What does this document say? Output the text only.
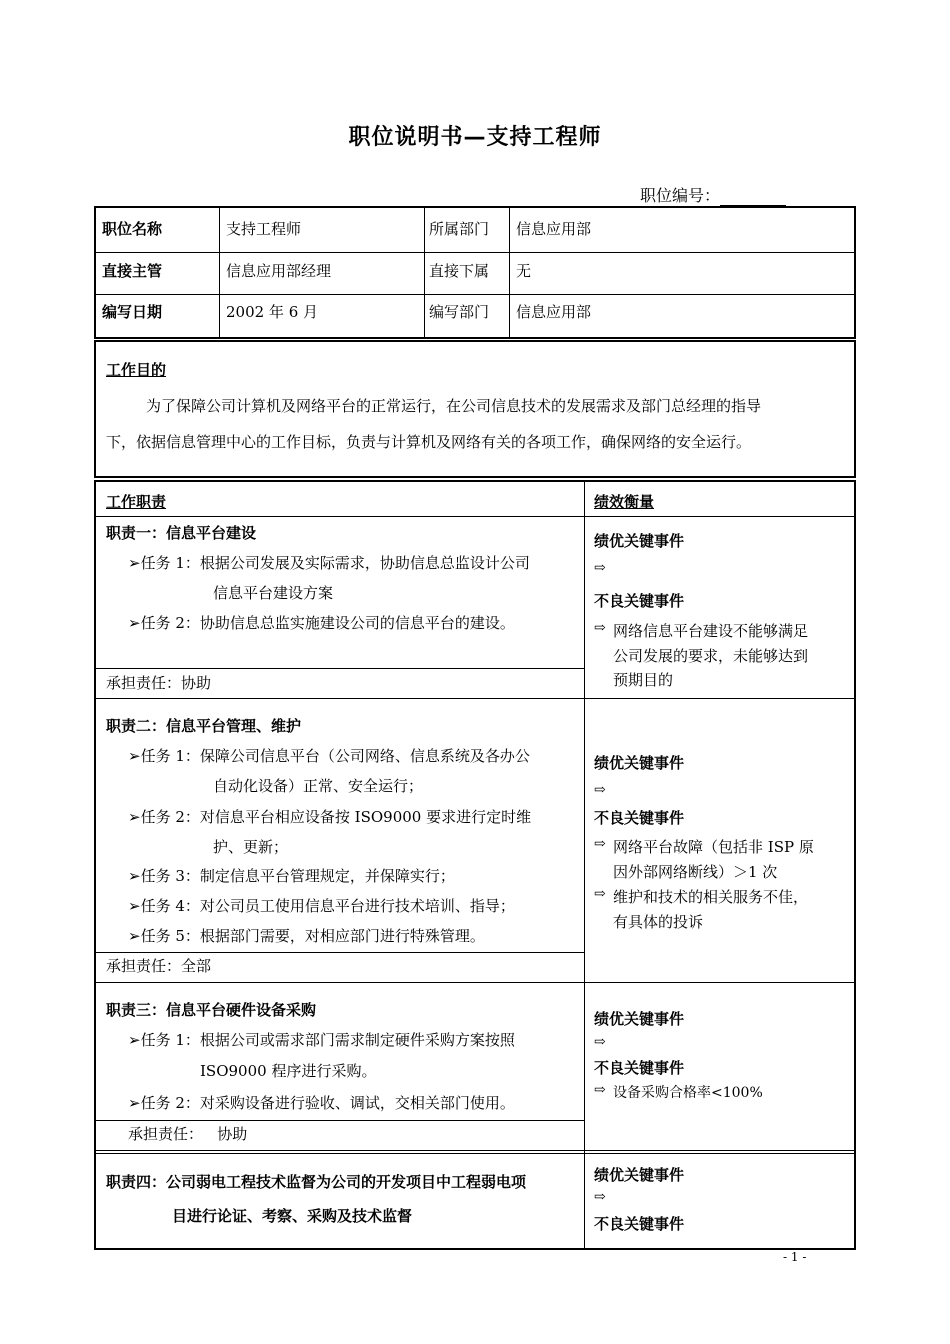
职位说明书—支持工程师
职位编号：
职位名称	支持工程师	所属部门 信息应用部
直接主管	信息应用部经理	直接下属 无
编写日期	2002 年 6 月	编写部门 信息应用部
工作目的
为了保障公司计算机及网络平台的正常运行，在公司信息技术的发展需求及部门总经理的指导
下，依据信息管理中心的工作目标，负责与计算机及网络有关的各项工作，确保网络的安全运行。
工作职责	绩效衡量
职责一：信息平台建设
➢任务 1：根据公司发展及实际需求，协助信息总监设计公司
信息平台建设方案
➢任务 2：协助信息总监实施建设公司的信息平台的建设。
承担责任：协助
绩优关键事件
⇨
不良关键事件
⇨ 网络信息平台建设不能够满足
公司发展的要求，未能够达到
预期目的
职责二：信息平台管理、维护
➢任务 1：保障公司信息平台（公司网络、信息系统及各办公
自动化设备）正常、安全运行；
➢任务 2：对信息平台相应设备按 ISO9000 要求进行定时维
护、更新；
➢任务 3：制定信息平台管理规定，并保障实行；
➢任务 4：对公司员工使用信息平台进行技术培训、指导；
➢任务 5：根据部门需要，对相应部门进行特殊管理。
承担责任：全部
绩优关键事件
⇨
不良关键事件
⇨ 网络平台故障（包括非 ISP 原
因外部网络断线）＞1 次
⇨ 维护和技术的相关服务不佳，
有具体的投诉
职责三：信息平台硬件设备采购
➢任务 1：根据公司或需求部门需求制定硬件采购方案按照
ISO9000 程序进行采购。
➢任务 2：对采购设备进行验收、调试，交相关部门使用。
承担责任：   协助
绩优关键事件
⇨
不良关键事件
⇨ 设备采购合格率<100%
职责四：公司弱电工程技术监督为公司的开发项目中工程弱电项
目进行论证、考察、采购及技术监督
绩优关键事件
⇨
不良关键事件
- 1 -
